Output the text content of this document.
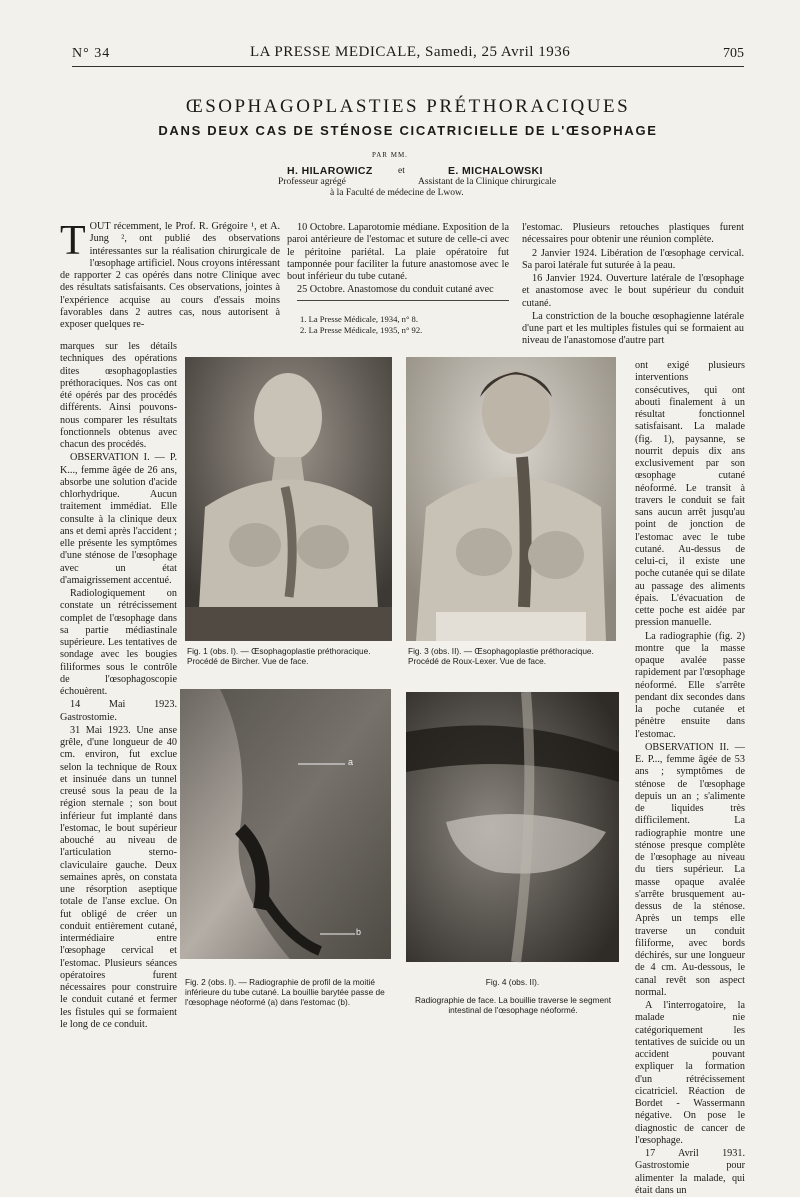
N° 34	LA PRESSE MEDICALE, Samedi, 25 Avril 1936	705
ŒSOPHAGOPLASTIES PRÉTHORACIQUES
DANS DEUX CAS DE STÉNOSE CICATRICIELLE DE L'ŒSOPHAGE
PAR MM.
H. HILAROWICZ
Professeur agrégé
et	E. MICHALOWSKI
Assistant de la Clinique chirurgicale
à la Faculté de médecine de Lwow.
TOUT récemment, le Prof. R. Grégoire ¹, et A. Jung ², ont publié des observations intéressantes sur la réalisation chirurgicale de l'œsophage artificiel. Nous croyons intéressant de rapporter 2 cas opérés dans notre Clinique avec des résultats satisfaisants. Ces observations, jointes à l'expérience acquise au cours d'essais moins favorables dans 2 autres cas, nous autorisent à exposer quelques re-

marques sur les détails techniques des opérations dites œsophagoplasties préthoraciques. Nos cas ont été opérés par des procédés différents. Ainsi pouvons-nous comparer les résultats fonctionnels obtenus avec chacun des procédés.

OBSERVATION I. — P. K..., femme âgée de 26 ans, absorbe une solution d'acide chlorhydrique. Aucun traitement immédiat. Elle consulte à la clinique deux ans et demi après l'accident ; elle présente les symptômes d'une sténose de l'œsophage avec un état d'amaigrissement accentué.

Radiologiquement on constate un rétrécissement complet de l'œsophage dans sa partie médiastinale supérieure. Les tentatives de sondage avec les bougies filiformes sous le contrôle de l'œsophagoscopie échouèrent.

14 Mai 1923. Gastrostomie.

31 Mai 1923. Une anse grêle, d'une longueur de 40 cm. environ, fut exclue selon la technique de Roux et insinuée dans un tunnel creusé sous la peau de la région sternale ; son bout inférieur fut implanté dans l'estomac, le bout supérieur abouché au niveau de l'articulation sterno-claviculaire gauche. Deux semaines après, on constata une résorption aseptique totale de l'anse exclue. On fut obligé de créer un conduit entièrement cutané, intermédiaire entre l'œsophage cervical et l'estomac. Plusieurs séances opératoires furent nécessaires pour construire le conduit cutané et fermer les fistules qui se formaient le long de ce conduit.

10 Octobre. Laparotomie médiane. Exposition de la paroi antérieure de l'estomac et suture de celle-ci avec le péritoine pariétal. La plaie opératoire fut tamponnée pour faciliter la future anastomose avec le bout inférieur du tube cutané.

25 Octobre. Anastomose du conduit cutané avec

1. La Presse Médicale, 1934, n° 8.
2. La Presse Médicale, 1935, n° 92.

l'estomac. Plusieurs retouches plastiques furent nécessaires pour obtenir une réunion complète.

2 Janvier 1924. Libération de l'œsophage cervical. Sa paroi latérale fut suturée à la peau.

16 Janvier 1924. Ouverture latérale de l'œsophage et anastomose avec le bout supérieur du conduit cutané.

La constriction de la bouche œsophagienne latérale d'une part et les multiples fistules qui se formaient au niveau de l'anastomose d'autre part

ont exigé plusieurs interventions consécutives, qui ont abouti finalement à un résultat fonctionnel satisfaisant. La malade (fig. 1), paysanne, se nourrit depuis dix ans exclusivement par son œsophage cutané néoformé. Le transit à travers le conduit se fait sans aucun arrêt jusqu'au point de jonction de l'estomac avec le tube cutané. Au-dessus de celui-ci, il existe une poche cutanée qui se dilate au passage des aliments épais. L'évacuation de cette poche est aidée par pression manuelle.

La radiographie (fig. 2) montre que la masse opaque avalée passe rapidement par l'œsophage néoformé. Elle s'arrête pendant dix secondes dans la poche cutanée et pénètre ensuite dans l'estomac.

OBSERVATION II. — E. P..., femme âgée de 53 ans ; symptômes de sténose de l'œsophage depuis un an ; s'alimente de liquides très difficilement. La radiographie montre une sténose presque complète de l'œsophage au niveau du tiers supérieur. La masse opaque avalée s'arrête brusquement au-dessus de la sténose. Après un temps elle traverse un conduit filiforme, avec bords déchirés, sur une longueur de 4 cm. Au-dessous, le canal revêt son aspect normal.

A l'interrogatoire, la malade nie catégoriquement les tentatives de suicide ou un accident pouvant expliquer la formation d'un rétrécissement cicatriciel. Réaction de Bordet - Wassermann négative. On pose le diagnostic de cancer de l'œsophage.

17 Avril 1931. Gastrostomie pour alimenter la malade, qui était dans un

Fig. 1 (obs. I). — Œsophagoplastie préthoracique. Procédé de Bircher. Vue de face.
Fig. 3 (obs. II). — Œsophagoplastie préthoracique. Procédé de Roux-Lexer. Vue de face.
a
b
Fig. 2 (obs. I). — Radiographie de profil de la moitié inférieure du tube cutané. La bouillie barytée passe de l'œsophage néoformé (a) dans l'estomac (b).
Fig. 4 (obs. II).
Radiographie de face. La bouillie traverse le segment intestinal de l'œsophage néoformé.
